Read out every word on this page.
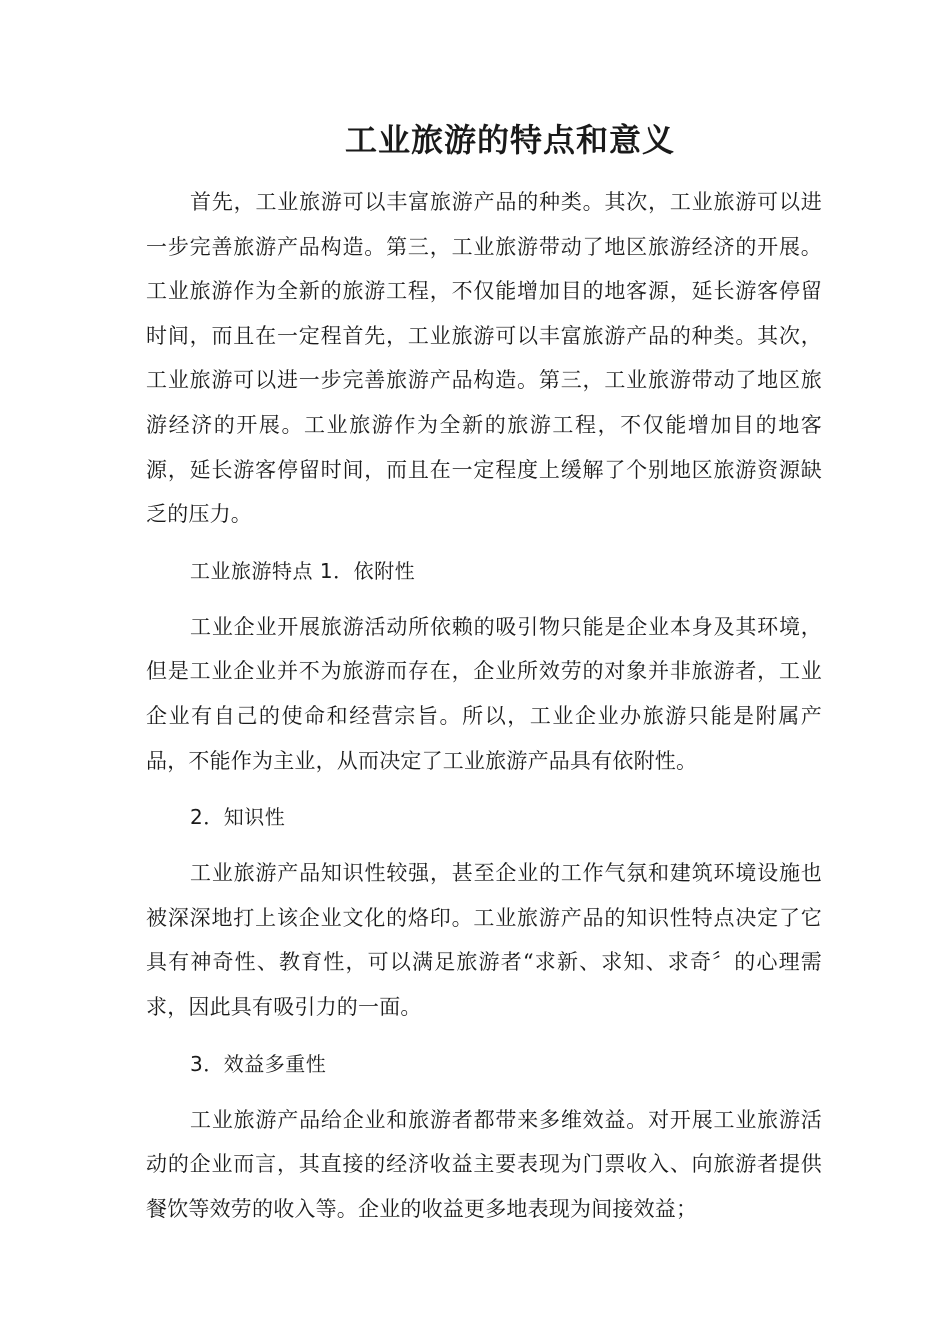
工业旅游的特点和意义

首先，工业旅游可以丰富旅游产品的种类。其次，工业旅游可以进一步完善旅游产品构造。第三，工业旅游带动了地区旅游经济的开展。工业旅游作为全新的旅游工程，不仅能增加目的地客源，延长游客停留时间，而且在一定程首先，工业旅游可以丰富旅游产品的种类。其次，工业旅游可以进一步完善旅游产品构造。第三，工业旅游带动了地区旅游经济的开展。工业旅游作为全新的旅游工程，不仅能增加目的地客源，延长游客停留时间，而且在一定程度上缓解了个别地区旅游资源缺乏的压力。

工业旅游特点 1．依附性

工业企业开展旅游活动所依赖的吸引物只能是企业本身及其环境，但是工业企业并不为旅游而存在，企业所效劳的对象并非旅游者，工业企业有自己的使命和经营宗旨。所以，工业企业办旅游只能是附属产品，不能作为主业，从而决定了工业旅游产品具有依附性。

2．知识性

工业旅游产品知识性较强，甚至企业的工作气氛和建筑环境设施也被深深地打上该企业文化的烙印。工业旅游产品的知识性特点决定了它具有神奇性、教育性，可以满足旅游者“求新、求知、求奇〞的心理需求，因此具有吸引力的一面。

3．效益多重性

工业旅游产品给企业和旅游者都带来多维效益。对开展工业旅游活动的企业而言，其直接的经济收益主要表现为门票收入、向旅游者提供餐饮等效劳的收入等。企业的收益更多地表现为间接效益；
